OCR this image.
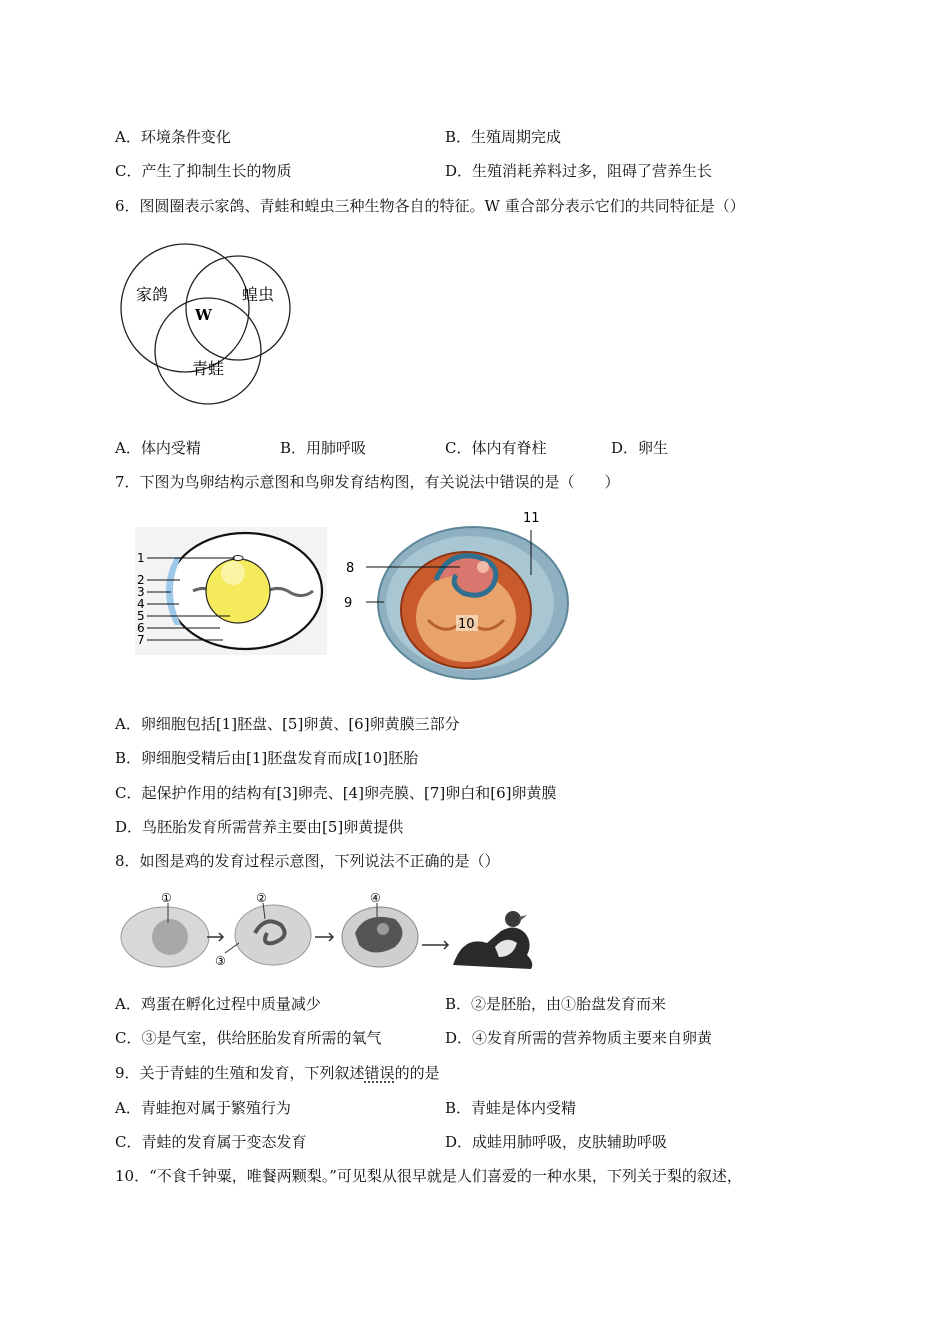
A．环境条件变化	B．生殖周期完成
C．产生了抑制生长的物质	D．生殖消耗养料过多，阻碍了营养生长
6．图圆圈表示家鸽、青蛙和蝗虫三种生物各自的特征。W 重合部分表示它们的共同特征是（）
家鸽	蝗虫
青蛙
W
A．体内受精	B．用肺呼吸	C．体内有脊柱	D．卵生
7．下图为鸟卵结构示意图和鸟卵发育结构图，有关说法中错误的是（　　）
1
2
3
4
5
6
7
8
9
10
11
A．卵细胞包括[1]胚盘、[5]卵黄、[6]卵黄膜三部分
B．卵细胞受精后由[1]胚盘发育而成[10]胚胎
C．起保护作用的结构有[3]卵壳、[4]卵壳膜、[7]卵白和[6]卵黄膜
D．鸟胚胎发育所需营养主要由[5]卵黄提供
8．如图是鸡的发育过程示意图，下列说法不正确的是（）
①	②
③
④
A．鸡蛋在孵化过程中质量减少	B．②是胚胎，由①胎盘发育而来
C．③是气室，供给胚胎发育所需的氧气	D．④发育所需的营养物质主要来自卵黄
9．关于青蛙的生殖和发育，下列叙述错误的的是
A．青蛙抱对属于繁殖行为	B．青蛙是体内受精
C．青蛙的发育属于变态发育	D．成蛙用肺呼吸，皮肤辅助呼吸
10．“不食千钟粟，唯餐两颗梨。”可见梨从很早就是人们喜爱的一种水果，下列关于梨的叙述，
